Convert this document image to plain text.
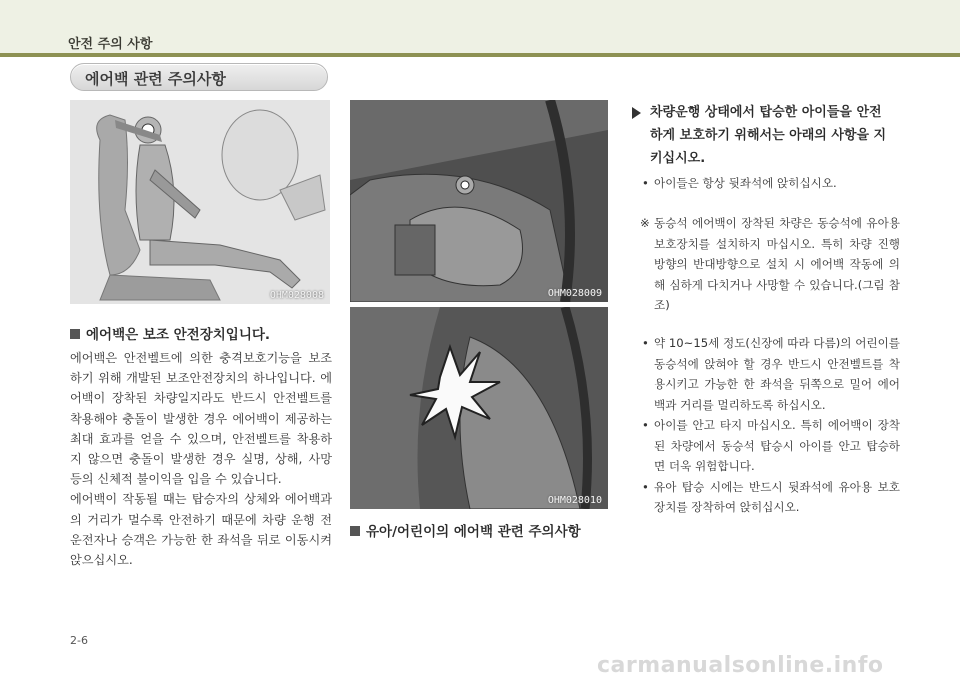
안전 주의 사항
에어백 관련 주의사항
OHM028008	OHM028009
OHM028010
에어백은 보조 안전장치입니다.
에어백은 안전벨트에 의한 충격보호기능을 보조하기 위해 개발된 보조안전장치의 하나입니다. 에어백이 장착된 차량일지라도 반드시 안전벨트를 착용해야 충돌이 발생한 경우 에어백이 제공하는 최대 효과를 얻을 수 있으며, 안전벨트를 착용하지 않으면 충돌이 발생한 경우 실명, 상해, 사망 등의 신체적 불이익을 입을 수 있습니다.
에어백이 작동될 때는 탑승자의 상체와 에어백과의 거리가 멀수록 안전하기 때문에 차량 운행 전 운전자나 승객은 가능한 한 좌석을 뒤로 이동시켜 앉으십시오.
유아/어린이의 에어백 관련 주의사항
차량운행 상태에서 탑승한 아이들을 안전하게 보호하기 위해서는 아래의 사항을 지키십시오.
• 아이들은 항상 뒷좌석에 앉히십시오.
※ 동승석 에어백이 장착된 차량은 동승석에 유아용 보호장치를 설치하지 마십시오. 특히 차량 진행방향의 반대방향으로 설치 시 에어백 작동에 의해 심하게 다치거나 사망할 수 있습니다.(그림 참조)
• 약 10~15세 정도(신장에 따라 다름)의 어린이를 동승석에 앉혀야 할 경우 반드시 안전벨트를 착용시키고 가능한 한 좌석을 뒤쪽으로 밀어 에어백과 거리를 멀리하도록 하십시오.
• 아이를 안고 타지 마십시오. 특히 에어백이 장착된 차량에서 동승석 탑승시 아이를 안고 탑승하면 더욱 위험합니다.
• 유아 탑승 시에는 반드시 뒷좌석에 유아용 보호장치를 장착하여 앉히십시오.
2-6
carmanualsonline.info
